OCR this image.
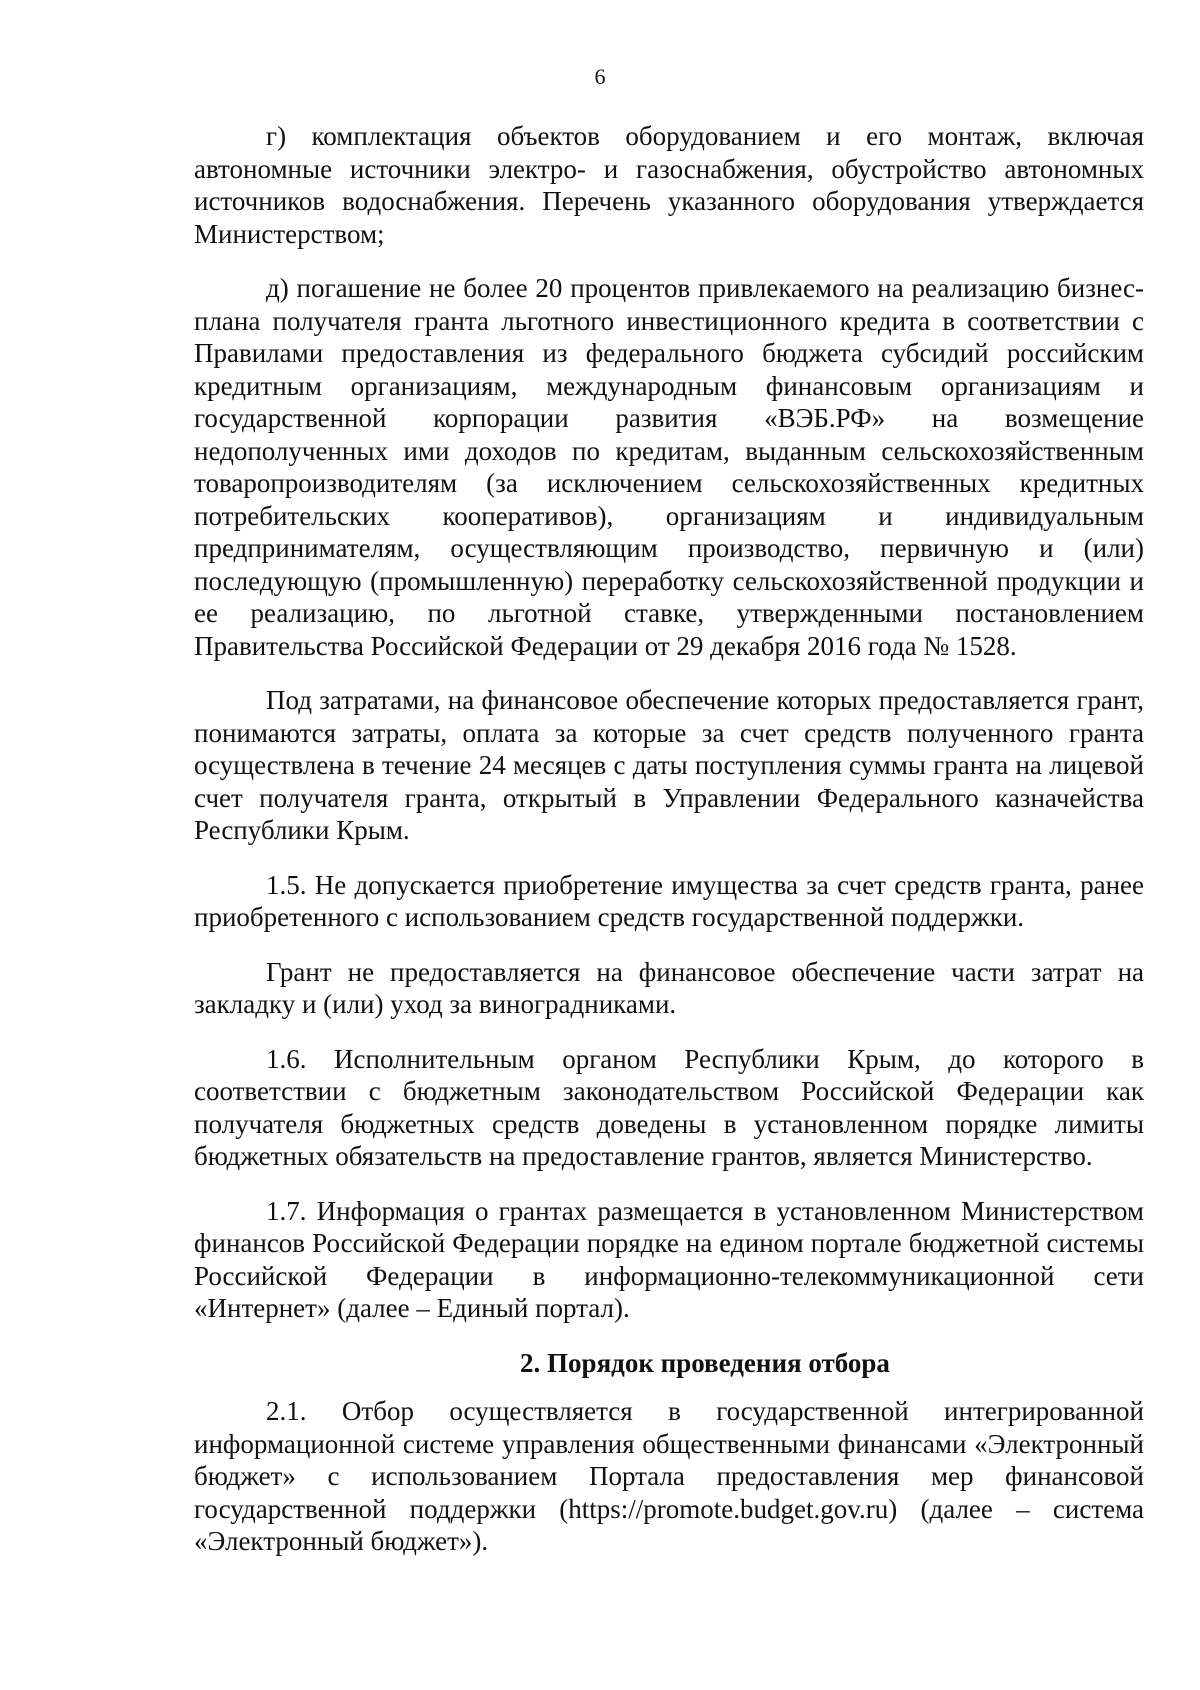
6

г) комплектация объектов оборудованием и его монтаж, включая автономные источники электро- и газоснабжения, обустройство автономных источников водоснабжения. Перечень указанного оборудования утверждается Министерством;

д) погашение не более 20 процентов привлекаемого на реализацию бизнес-плана получателя гранта льготного инвестиционного кредита в соответствии с Правилами предоставления из федерального бюджета субсидий российским кредитным организациям, международным финансовым организациям и государственной корпорации развития «ВЭБ.РФ» на возмещение недополученных ими доходов по кредитам, выданным сельскохозяйственным товаропроизводителям (за исключением сельскохозяйственных кредитных потребительских кооперативов), организациям и индивидуальным предпринимателям, осуществляющим производство, первичную и (или) последующую (промышленную) переработку сельскохозяйственной продукции и ее реализацию, по льготной ставке, утвержденными постановлением Правительства Российской Федерации от 29 декабря 2016 года № 1528.

Под затратами, на финансовое обеспечение которых предоставляется грант, понимаются затраты, оплата за которые за счет средств полученного гранта осуществлена в течение 24 месяцев с даты поступления суммы гранта на лицевой счет получателя гранта, открытый в Управлении Федерального казначейства Республики Крым.

1.5. Не допускается приобретение имущества за счет средств гранта, ранее приобретенного с использованием средств государственной поддержки.

Грант не предоставляется на финансовое обеспечение части затрат на закладку и (или) уход за виноградниками.

1.6. Исполнительным органом Республики Крым, до которого в соответствии с бюджетным законодательством Российской Федерации как получателя бюджетных средств доведены в установленном порядке лимиты бюджетных обязательств на предоставление грантов, является Министерство.

1.7. Информация о грантах размещается в установленном Министерством финансов Российской Федерации порядке на едином портале бюджетной системы Российской Федерации в информационно-телекоммуникационной сети «Интернет» (далее – Единый портал).

2. Порядок проведения отбора

2.1. Отбор осуществляется в государственной интегрированной информационной системе управления общественными финансами «Электронный бюджет» с использованием Портала предоставления мер финансовой государственной поддержки (https://promote.budget.gov.ru) (далее – система «Электронный бюджет»).
